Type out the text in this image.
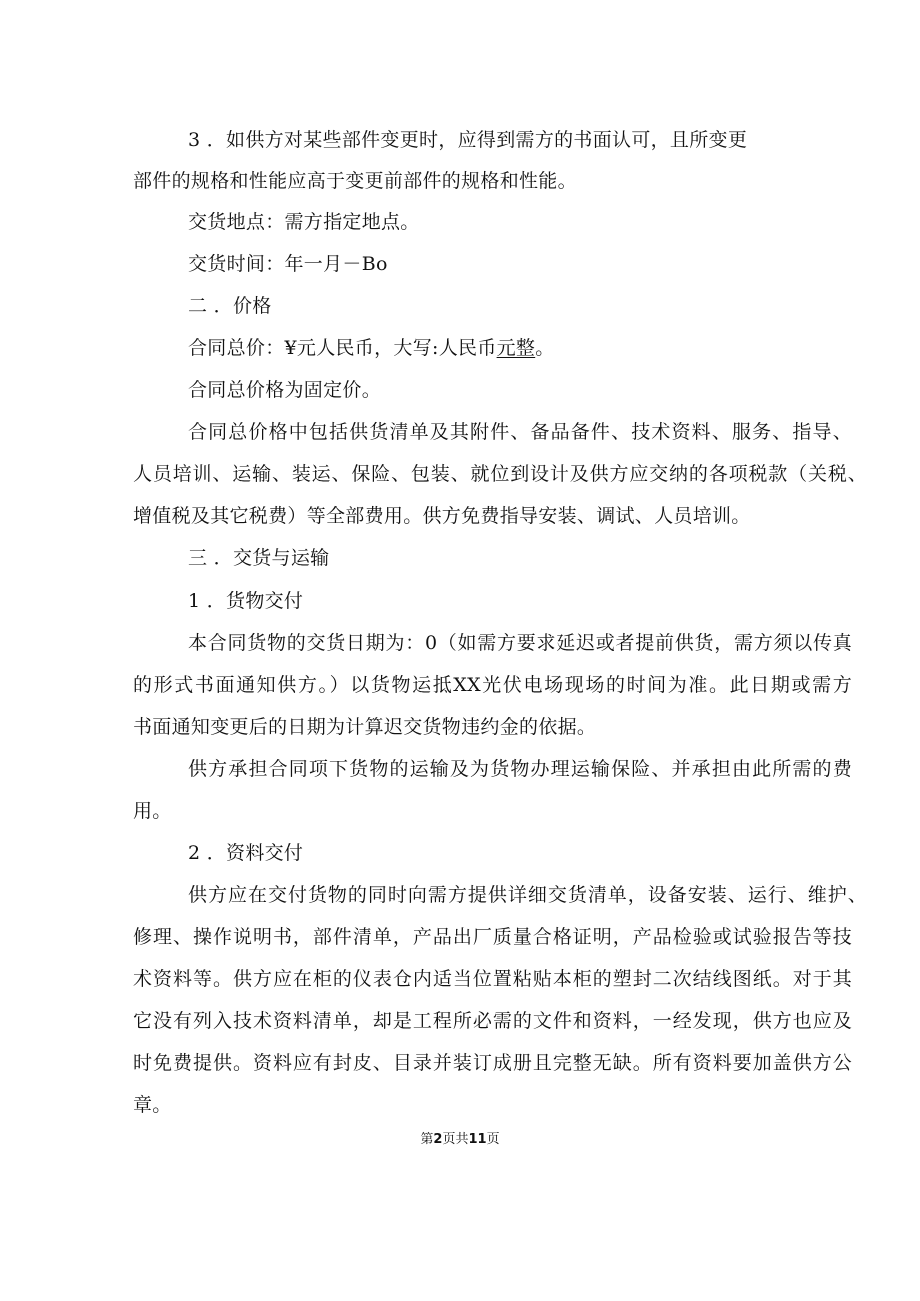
3 ．如供方对某些部件变更时，应得到需方的书面认可，且所变更
部件的规格和性能应高于变更前部件的规格和性能。
交货地点：需方指定地点。
交货时间：年一月－Bo
二 ．价格
合同总价：¥元人民币，大写:人民币元整。
合同总价格为固定价。
合同总价格中包括供货清单及其附件、备品备件、技术资料、服务、指导、
人员培训、运输、装运、保险、包装、就位到设计及供方应交纳的各项税款（关税、
增值税及其它税费）等全部费用。供方免费指导安装、调试、人员培训。
三 ．交货与运输
1 ．货物交付
本合同货物的交货日期为：0（如需方要求延迟或者提前供货，需方须以传真
的形式书面通知供方。）以货物运抵XX光伏电场现场的时间为准。此日期或需方
书面通知变更后的日期为计算迟交货物违约金的依据。
供方承担合同项下货物的运输及为货物办理运输保险、并承担由此所需的费
用。
2 ．资料交付
供方应在交付货物的同时向需方提供详细交货清单，设备安装、运行、维护、
修理、操作说明书，部件清单，产品出厂质量合格证明，产品检验或试验报告等技
术资料等。供方应在柜的仪表仓内适当位置粘贴本柜的塑封二次结线图纸。对于其
它没有列入技术资料清单，却是工程所必需的文件和资料，一经发现，供方也应及
时免费提供。资料应有封皮、目录并装订成册且完整无缺。所有资料要加盖供方公
章。
第2页共11页
